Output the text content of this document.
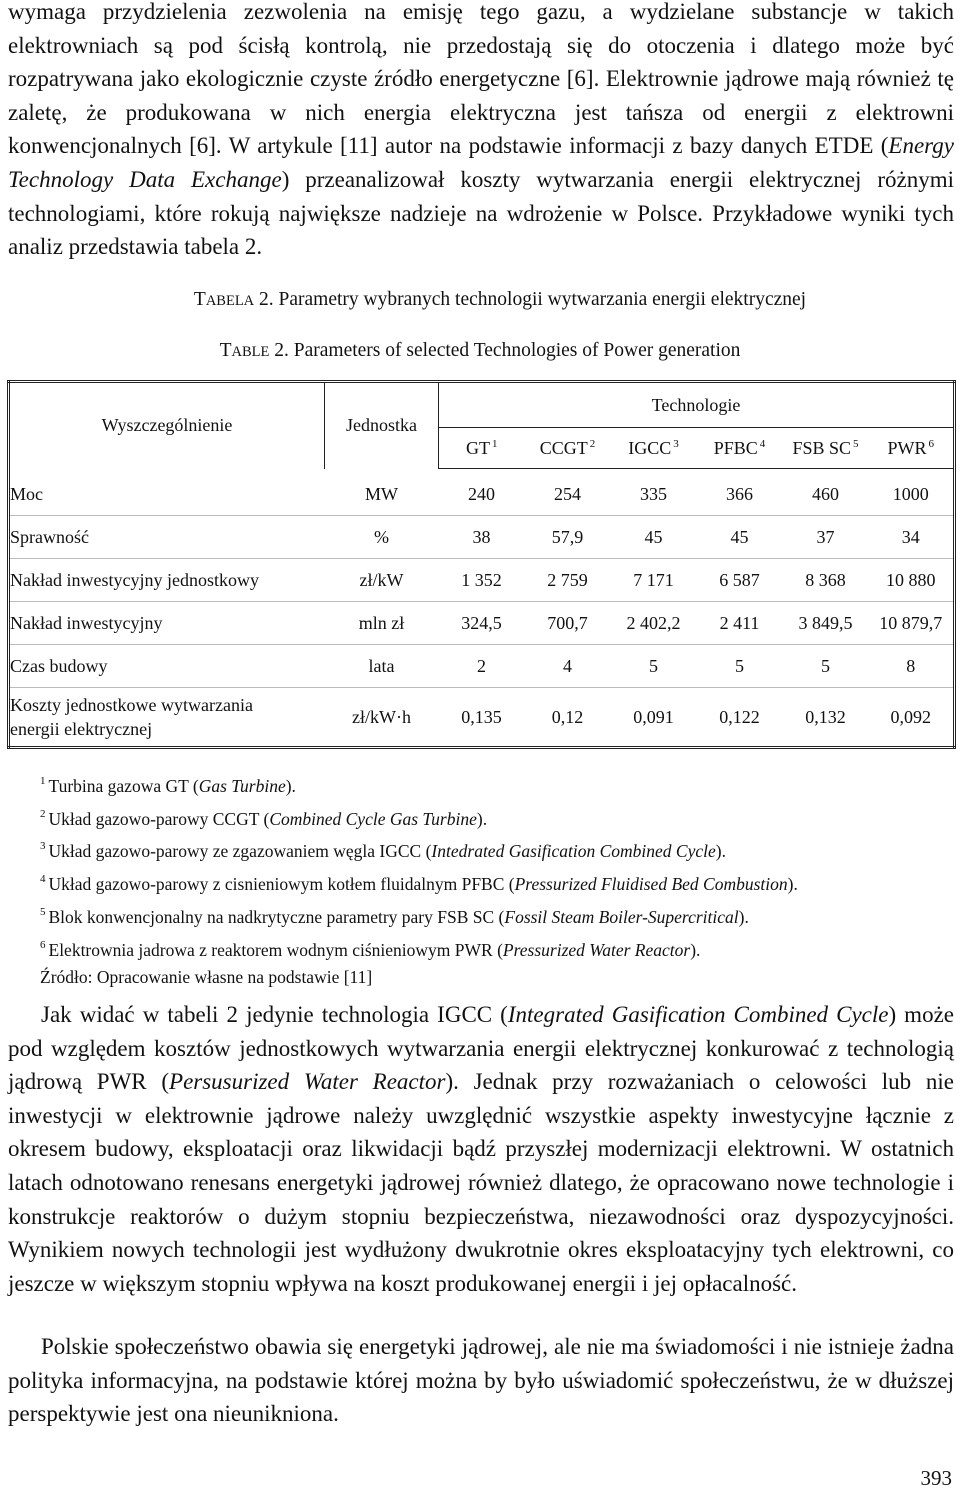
wymaga przydzielenia zezwolenia na emisję tego gazu, a wydzielane substancje w takich elektrowniach są pod ścisłą kontrolą, nie przedostają się do otoczenia i dlatego może być rozpatrywana jako ekologicznie czyste źródło energetyczne [6]. Elektrownie jądrowe mają również tę zaletę, że produkowana w nich energia elektryczna jest tańsza od energii z elektrowni konwencjonalnych [6]. W artykule [11] autor na podstawie informacji z bazy danych ETDE (Energy Technology Data Exchange) przeanalizował koszty wytwarzania energii elektrycznej różnymi technologiami, które rokują największe nadzieje na wdrożenie w Polsce. Przykładowe wyniki tych analiz przedstawia tabela 2.

TABELA 2. Parametry wybranych technologii wytwarzania energii elektrycznej

TABLE 2. Parameters of selected Technologies of Power generation

Wyszczególnienie	Jednostka	Technologie					
		GT $^1$	CCGT $^2$	IGCC $^3$	PFBC $^4$	FSB SC $^5$	PWR $^6$

Moc	MW	240	254	335	366	460	1000
Sprawność	%	38	57,9	45	45	37	34
Nakład inwestycyjny jednostkowy	zł/kW	1 352	2 759	7 171	6 587	8 368	10 880
Nakład inwestycyjny	mln zł	324,5	700,7	2 402,2	2 411	3 849,5	10 879,7
Czas budowy	lata	2	4	5	5	5	8
Koszty jednostkowe wytwarzania energii elektrycznej	zł/kW·h	0,135	0,12	0,091	0,122	0,132	0,092
$^1$ Turbina gazowa GT (Gas Turbine).
$^2$ Układ gazowo-parowy CCGT (Combined Cycle Gas Turbine).
$^3$ Układ gazowo-parowy ze zgazowaniem węgla IGCC (Intedrated Gasification Combined Cycle).
$^4$ Układ gazowo-parowy z cisnieniowym kotłem fluidalnym PFBC (Pressurized Fluidised Bed Combustion).
$^5$ Blok konwencjonalny na nadkrytyczne parametry pary FSB SC (Fossil Steam Boiler-Supercritical).
$^6$ Elektrownia jadrowa z reaktorem wodnym ciśnieniowym PWR (Pressurized Water Reactor).
Źródło: Opracowanie własne na podstawie [11]

Jak widać w tabeli 2 jedynie technologia IGCC (Integrated Gasification Combined Cycle) może pod względem kosztów jednostkowych wytwarzania energii elektrycznej konkurować z technologią jądrową PWR (Persusurized Water Reactor). Jednak przy rozważaniach o celowości lub nie inwestycji w elektrownie jądrowe należy uwzględnić wszystkie aspekty inwestycyjne łącznie z okresem budowy, eksploatacji oraz likwidacji bądź przyszłej modernizacji elektrowni. W ostatnich latach odnotowano renesans energetyki jądrowej również dlatego, że opracowano nowe technologie i konstrukcje reaktorów o dużym stopniu bezpieczeństwa, niezawodności oraz dyspozycyjności. Wynikiem nowych technologii jest wydłużony dwukrotnie okres eksploatacyjny tych elektrowni, co jeszcze w większym stopniu wpływa na koszt produkowanej energii i jej opłacalność.

Polskie społeczeństwo obawia się energetyki jądrowej, ale nie ma świadomości i nie istnieje żadna polityka informacyjna, na podstawie której można by było uświadomić społeczeństwu, że w dłuższej perspektywie jest ona nieunikniona.

393
